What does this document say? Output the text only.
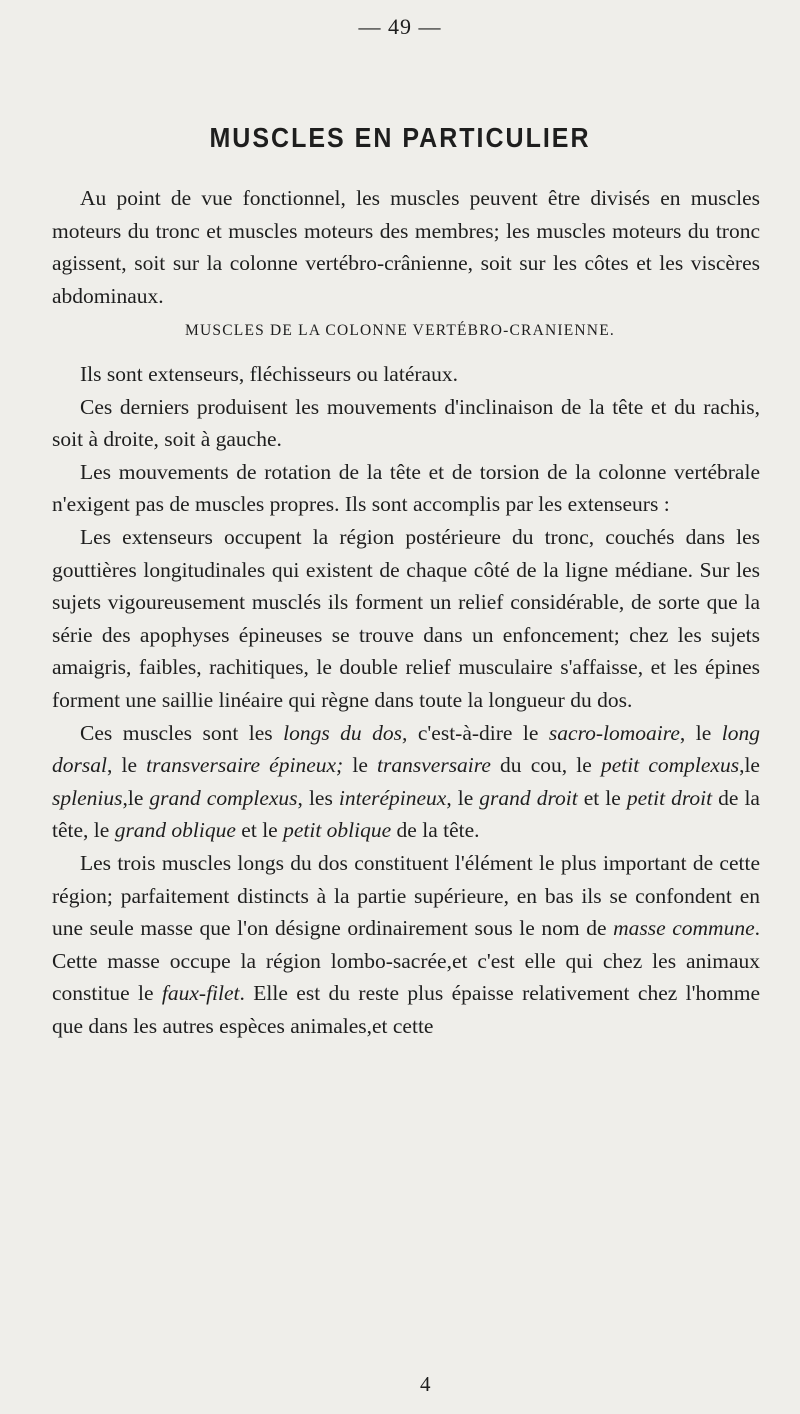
— 49 —
MUSCLES EN PARTICULIER

Au point de vue fonctionnel, les muscles peuvent être divisés en muscles moteurs du tronc et muscles moteurs des membres; les muscles moteurs du tronc agissent, soit sur la colonne vertébro-crânienne, soit sur les côtes et les viscères abdominaux.

MUSCLES DE LA COLONNE VERTÉBRO-CRANIENNE.

Ils sont extenseurs, fléchisseurs ou latéraux.

Ces derniers produisent les mouvements d'inclinaison de la tête et du rachis, soit à droite, soit à gauche.

Les mouvements de rotation de la tête et de torsion de la colonne vertébrale n'exigent pas de muscles propres. Ils sont accomplis par les extenseurs :

Les extenseurs occupent la région postérieure du tronc, couchés dans les gouttières longitudinales qui existent de chaque côté de la ligne médiane. Sur les sujets vigoureusement musclés ils forment un relief considérable, de sorte que la série des apophyses épineuses se trouve dans un enfoncement; chez les sujets amaigris, faibles, rachitiques, le double relief musculaire s'affaisse, et les épines forment une saillie linéaire qui règne dans toute la longueur du dos.

Ces muscles sont les longs du dos, c'est-à-dire le sacro-lomoaire, le long dorsal, le transversaire épineux; le transversaire du cou, le petit complexus,le splenius,le grand complexus, les interépineux, le grand droit et le petit droit de la tête, le grand oblique et le petit oblique de la tête.

Les trois muscles longs du dos constituent l'élément le plus important de cette région; parfaitement distincts à la partie supérieure, en bas ils se confondent en une seule masse que l'on désigne ordinairement sous le nom de masse commune. Cette masse occupe la région lombo-sacrée,et c'est elle qui chez les animaux constitue le faux-filet. Elle est du reste plus épaisse relativement chez l'homme que dans les autres espèces animales,et cette

4
